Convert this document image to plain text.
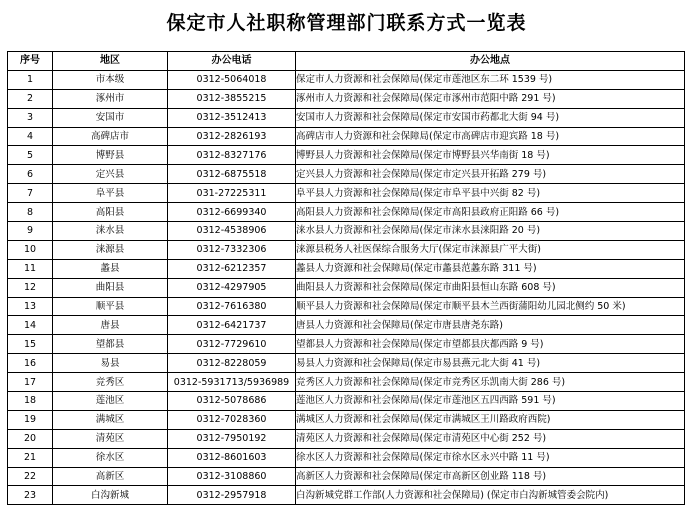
保定市人社职称管理部门联系方式一览表
序号	地区	办公电话	办公地点
1	市本级	0312-5064018	保定市人力资源和社会保障局(保定市莲池区东二环 1539 号)
2	涿州市	0312-3855215	涿州市人力资源和社会保障局(保定市涿州市范阳中路 291 号)
3	安国市	0312-3512413	安国市人力资源和社会保障局(保定市安国市药都北大街 94 号)
4	高碑店市	0312-2826193	高碑店市人力资源和社会保障局(保定市高碑店市迎宾路 18 号)
5	博野县	0312-8327176	博野县人力资源和社会保障局(保定市博野县兴华南街 18 号)
6	定兴县	0312-6875518	定兴县人力资源和社会保障局(保定市定兴县开拓路 279 号)
7	阜平县	031-27225311	阜平县人力资源和社会保障局(保定市阜平县中兴街 82 号)
8	高阳县	0312-6699340	高阳县人力资源和社会保障局(保定市高阳县政府正阳路 66 号)
9	涞水县	0312-4538906	涞水县人力资源和社会保障局(保定市涞水县涞阳路 20 号)
10	涞源县	0312-7332306	涞源县税务人社医保综合服务大厅(保定市涞源县广平大街)
11	蠡县	0312-6212357	蠡县人力资源和社会保障局(保定市蠡县范蠡东路 311 号)
12	曲阳县	0312-4297905	曲阳县人力资源和社会保障局(保定市曲阳县恒山东路 608 号)
13	顺平县	0312-7616380	顺平县人力资源和社会保障局(保定市顺平县木兰西街蒲阳幼儿园北侧约 50 米)
14	唐县	0312-6421737	唐县人力资源和社会保障局(保定市唐县唐尧东路)
15	望都县	0312-7729610	望都县人力资源和社会保障局(保定市望都县庆都西路 9 号)
16	易县	0312-8228059	易县人力资源和社会保障局(保定市易县燕元北大街 41 号)
17	竞秀区	0312-5931713/5936989	竞秀区人力资源和社会保障局(保定市竞秀区乐凯南大街 286 号)
18	莲池区	0312-5078686	莲池区人力资源和社会保障局(保定市莲池区五四西路 591 号)
19	满城区	0312-7028360	满城区人力资源和社会保障局(保定市满城区王川路政府西院)
20	清苑区	0312-7950192	清苑区人力资源和社会保障局(保定市清苑区中心街 252 号)
21	徐水区	0312-8601603	徐水区人力资源和社会保障局(保定市徐水区永兴中路 11 号)
22	高新区	0312-3108860	高新区人力资源和社会保障局(保定市高新区创业路 118 号)
23	白沟新城	0312-2957918	白沟新城党群工作部(人力资源和社会保障局) (保定市白沟新城管委会院内)
